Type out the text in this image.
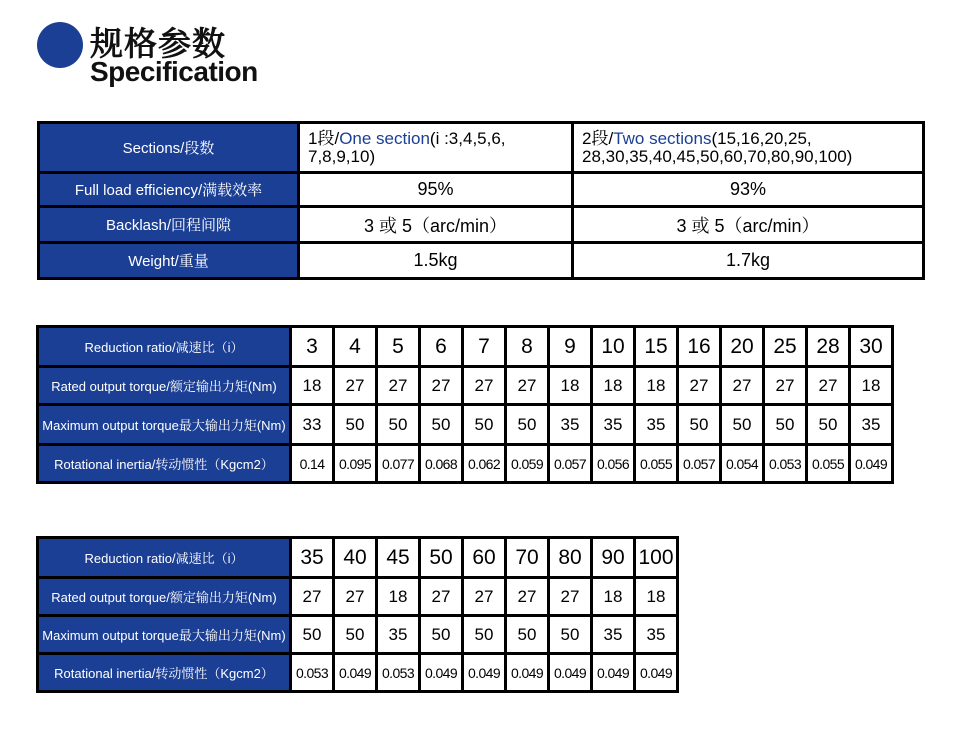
规格参数
Specification
Sections/段数	1段/One section(i :3,4,5,6, 7,8,9,10)	2段/Two sections(15,16,20,25, 28,30,35,40,45,50,60,70,80,90,100)
Full load efficiency/满载效率	95%	93%
Backlash/回程间隙	3 或 5（arc/min）	3 或 5（arc/min）
Weight/重量	1.5kg	1.7kg
Reduction ratio/减速比（i）	3	4	5	6	7	8	9	10	15	16	20	25	28	30
Rated output torque/额定输出力矩(Nm)	18	27	27	27	27	27	18	18	18	27	27	27	27	18
Maximum output torque最大输出力矩(Nm)	33	50	50	50	50	50	35	35	35	50	50	50	50	35
Rotational inertia/转动惯性（Kgcm2）	0.14	0.095	0.077	0.068	0.062	0.059	0.057	0.056	0.055	0.057	0.054	0.053	0.055	0.049
Reduction ratio/减速比（i）	35	40	45	50	60	70	80	90	100
Rated output torque/额定输出力矩(Nm)	27	27	18	27	27	27	27	18	18
Maximum output torque最大输出力矩(Nm)	50	50	35	50	50	50	50	35	35
Rotational inertia/转动惯性（Kgcm2）	0.053	0.049	0.053	0.049	0.049	0.049	0.049	0.049	0.049
